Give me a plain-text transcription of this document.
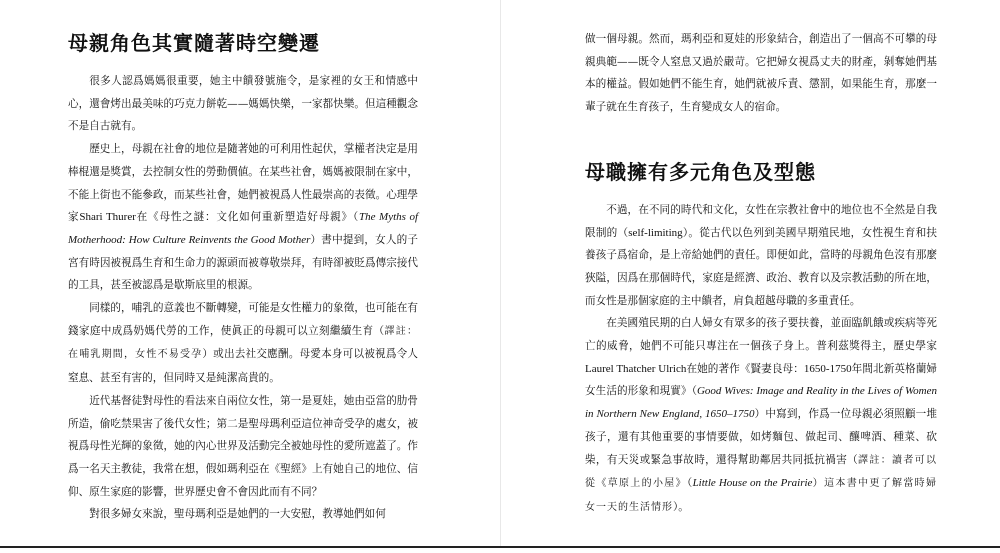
母親角色其實隨著時空變遷

很多人認爲媽媽很重要，她主中饋發號施令，是家裡的女王和情感中心，還會烤出最美味的巧克力餅乾——媽媽快樂，一家都快樂。但這種觀念不是自古就有。

歷史上，母親在社會的地位是隨著她的可利用性起伏，掌權者決定是用棒棍還是獎賞，去控制女性的勞動價値。在某些社會，媽媽被限制在家中，不能上街也不能參政，而某些社會，她們被視爲人性最崇高的表徵。心理學家Shari Thurer在《母性之謎：文化如何重新塑造好母親》（The Myths of Motherhood: How Culture Reinvents the Good Mother）書中提到，女人的子宮有時因被視爲生育和生命力的源頭而被尊敬崇拜，有時卻被貶爲傳宗接代的工具，甚至被認爲是歇斯底里的根源。

同樣的，哺乳的意義也不斷轉變，可能是女性權力的象徵，也可能在有錢家庭中成爲奶媽代勞的工作，使眞正的母親可以立刻繼續生育（譯註：在哺乳期間，女性不易受孕）或出去社交應酬。母愛本身可以被視爲令人窒息、甚至有害的，但同時又是純潔高貴的。

近代基督徒對母性的看法來自兩位女性，第一是夏娃，她由亞當的肋骨所造，偷吃禁果害了後代女性；第二是聖母瑪利亞這位神奇受孕的處女，被視爲母性光輝的象徵，她的內心世界及活動完全被她母性的愛所遮蓋了。作爲一名天主教徒，我常在想，假如瑪利亞在《聖經》上有她自己的地位、信仰、原生家庭的影響，世界歷史會不會因此而有不同？

對很多婦女來說，聖母瑪利亞是她們的一大安慰，教導她們如何

做一個母親。然而，瑪利亞和夏娃的形象結合，創造出了一個高不可攀的母親典範——既令人窒息又過於嚴苛。它把婦女視爲丈夫的財產，剝奪她們基本的權益。假如她們不能生育，她們就被斥責、懲罰，如果能生育，那麼一輩子就在生育孩子，生育變成女人的宿命。

母職擁有多元角色及型態

不過，在不同的時代和文化，女性在宗教社會中的地位也不全然是自我限制的（self-limiting）。從古代以色列到美國早期殖民地，女性視生育和扶養孩子爲宿命，是上帝給她們的責任。即便如此，當時的母親角色沒有那麼狹隘，因爲在那個時代，家庭是經濟、政治、教育以及宗教活動的所在地，而女性是那個家庭的主中饋者，肩負超越母職的多重責任。

在美國殖民期的白人婦女有眾多的孩子要扶養，並面臨飢餓或疾病等死亡的威脅，她們不可能只專注在一個孩子身上。普利茲獎得主，歷史學家Laurel Thatcher Ulrich在她的著作《賢妻良母：1650-1750年間北新英格蘭婦女生活的形象和現實》（Good Wives: Image and Reality in the Lives of Women in Northern New England, 1650–1750）中寫到，作爲一位母親必須照顧一堆孩子，還有其他重要的事情要做，如烤麵包、做起司、釀啤酒、種菜、砍柴，有天災或緊急事故時，還得幫助鄰居共同抵抗禍害（譯註：讀者可以從《草原上的小屋》（Little House on the Prairie）這本書中更了解當時婦女一天的生活情形）。
